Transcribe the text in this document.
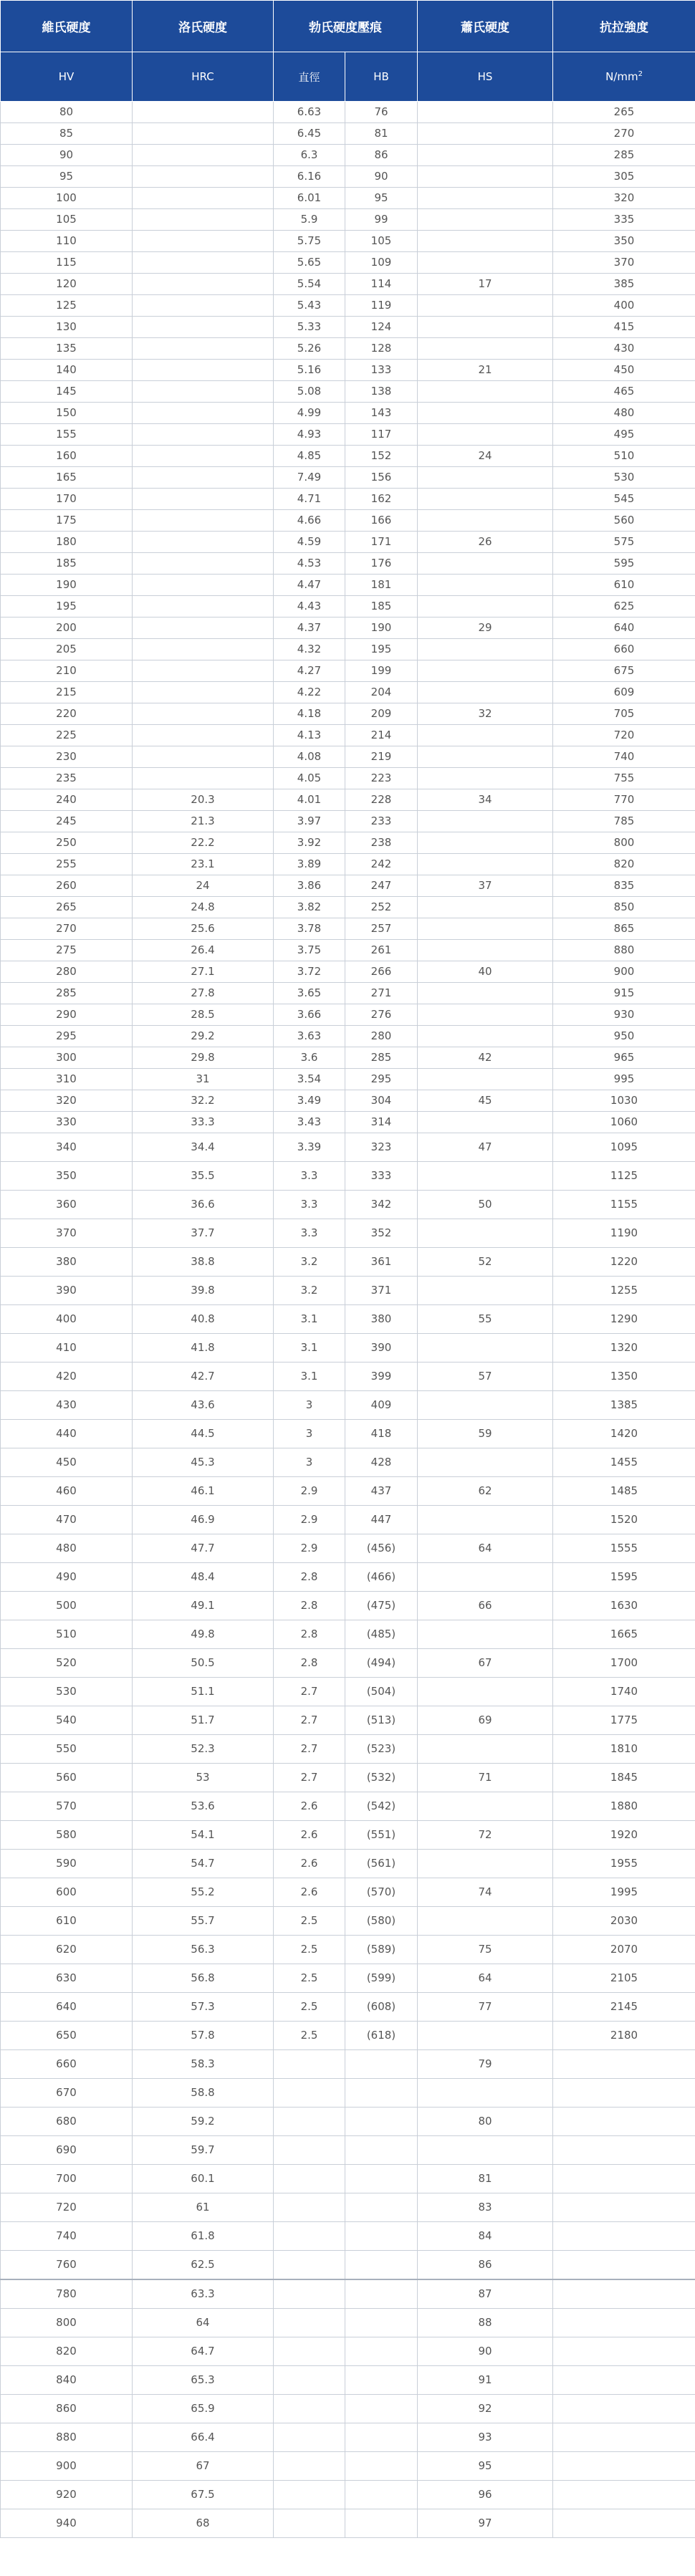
維氏硬度	洛氏硬度	勃氏硬度壓痕		蕭氏硬度	抗拉強度
HV	HRC	直徑	HB	HS	$N/mm^2$
80		6.63	76		265
85		6.45	81		270
90		6.3	86		285
95		6.16	90		305
100		6.01	95		320
105		5.9	99		335
110		5.75	105		350
115		5.65	109		370
120		5.54	114	17	385
125		5.43	119		400
130		5.33	124		415
135		5.26	128		430
140		5.16	133	21	450
145		5.08	138		465
150		4.99	143		480
155		4.93	117		495
160		4.85	152	24	510
165		7.49	156		530
170		4.71	162		545
175		4.66	166		560
180		4.59	171	26	575
185		4.53	176		595
190		4.47	181		610
195		4.43	185		625
200		4.37	190	29	640
205		4.32	195		660
210		4.27	199		675
215		4.22	204		609
220		4.18	209	32	705
225		4.13	214		720
230		4.08	219		740
235		4.05	223		755
240	20.3	4.01	228	34	770
245	21.3	3.97	233		785
250	22.2	3.92	238		800
255	23.1	3.89	242		820
260	24	3.86	247	37	835
265	24.8	3.82	252		850
270	25.6	3.78	257		865
275	26.4	3.75	261		880
280	27.1	3.72	266	40	900
285	27.8	3.65	271		915
290	28.5	3.66	276		930
295	29.2	3.63	280		950
300	29.8	3.6	285	42	965
310	31	3.54	295		995
320	32.2	3.49	304	45	1030
330	33.3	3.43	314		1060
340	34.4	3.39	323	47	1095
350	35.5	3.3	333		1125
360	36.6	3.3	342	50	1155
370	37.7	3.3	352		1190
380	38.8	3.2	361	52	1220
390	39.8	3.2	371		1255
400	40.8	3.1	380	55	1290
410	41.8	3.1	390		1320
420	42.7	3.1	399	57	1350
430	43.6	3	409		1385
440	44.5	3	418	59	1420
450	45.3	3	428		1455
460	46.1	2.9	437	62	1485
470	46.9	2.9	447		1520
480	47.7	2.9	(456)	64	1555
490	48.4	2.8	(466)		1595
500	49.1	2.8	(475)	66	1630
510	49.8	2.8	(485)		1665
520	50.5	2.8	(494)	67	1700
530	51.1	2.7	(504)		1740
540	51.7	2.7	(513)	69	1775
550	52.3	2.7	(523)		1810
560	53	2.7	(532)	71	1845
570	53.6	2.6	(542)		1880
580	54.1	2.6	(551)	72	1920
590	54.7	2.6	(561)		1955
600	55.2	2.6	(570)	74	1995
610	55.7	2.5	(580)		2030
620	56.3	2.5	(589)	75	2070
630	56.8	2.5	(599)	64	2105
640	57.3	2.5	(608)	77	2145
650	57.8	2.5	(618)		2180
660	58.3			79	
670	58.8				
680	59.2			80	
690	59.7				
700	60.1			81	
720	61			83	
740	61.8			84	
760	62.5			86	
780	63.3			87	
800	64			88	
820	64.7			90	
840	65.3			91	
860	65.9			92	
880	66.4			93	
900	67			95	
920	67.5			96	
940	68			97	
